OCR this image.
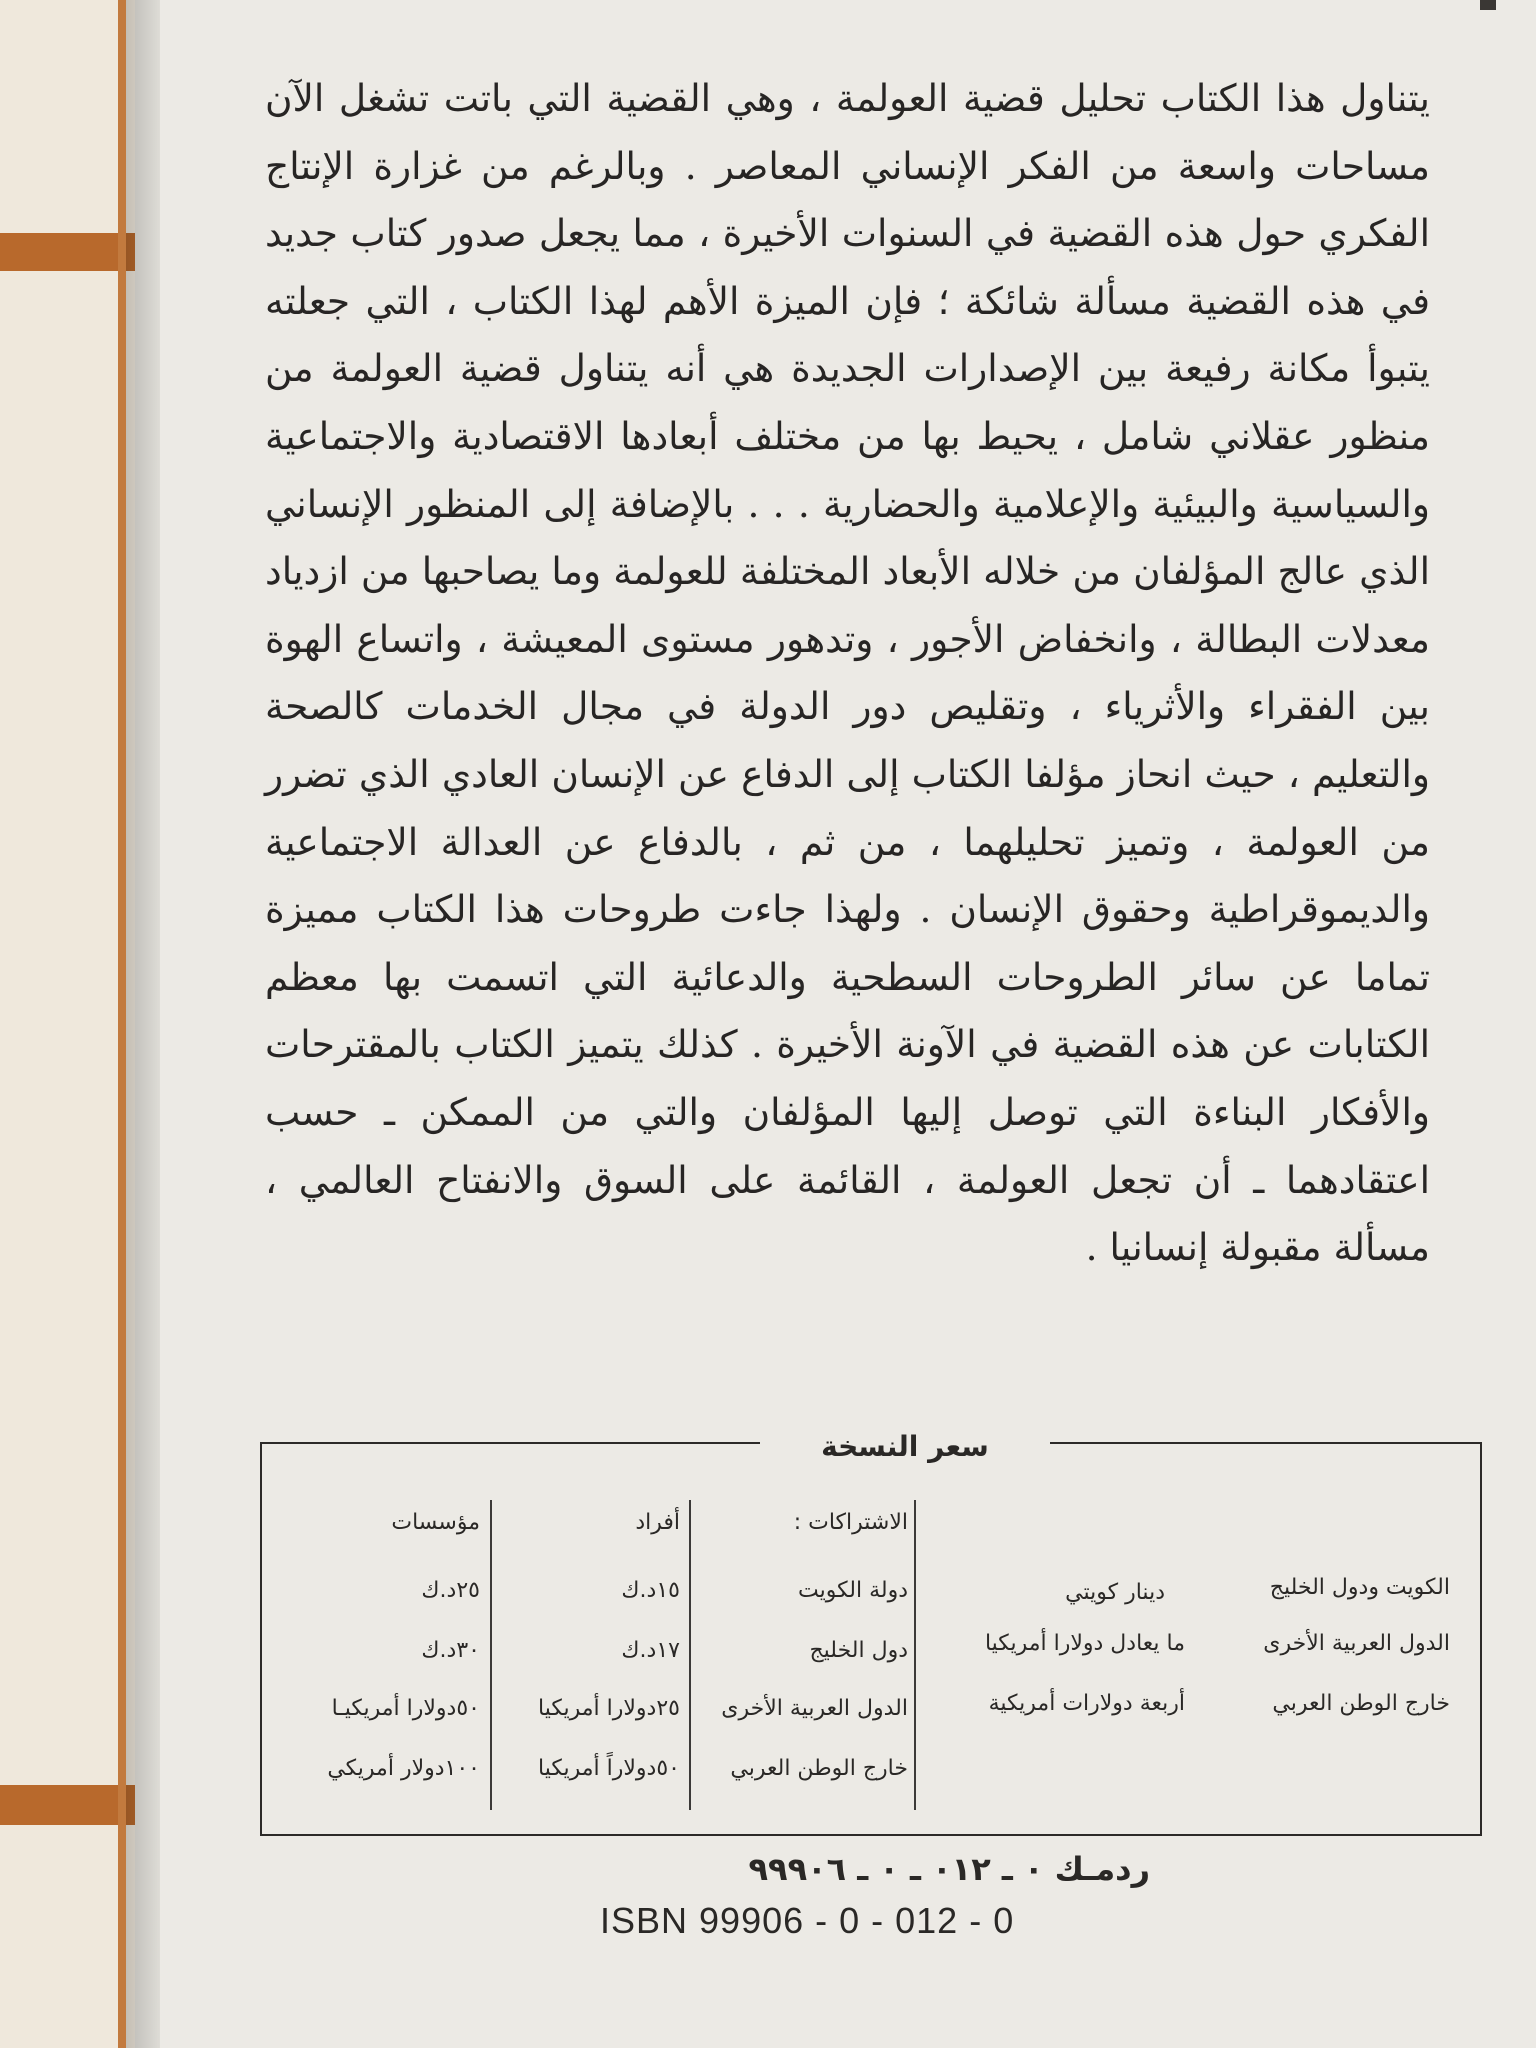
يتناول هذا الكتاب تحليل قضية العولمة ، وهي القضية التي باتت تشغل الآن مساحات واسعة من الفكر الإنساني المعاصر . وبالرغم من غزارة الإنتاج الفكري حول هذه القضية في السنوات الأخيرة ، مما يجعل صدور كتاب جديد في هذه القضية مسألة شائكة ؛ فإن الميزة الأهم لهذا الكتاب ، التي جعلته يتبوأ مكانة رفيعة بين الإصدارات الجديدة هي أنه يتناول قضية العولمة من منظور عقلاني شامل ، يحيط بها من مختلف أبعادها الاقتصادية والاجتماعية والسياسية والبيئية والإعلامية والحضارية . . . بالإضافة إلى المنظور الإنساني الذي عالج المؤلفان من خلاله الأبعاد المختلفة للعولمة وما يصاحبها من ازدياد معدلات البطالة ، وانخفاض الأجور ، وتدهور مستوى المعيشة ، واتساع الهوة بين الفقراء والأثرياء ، وتقليص دور الدولة في مجال الخدمات كالصحة والتعليم ، حيث انحاز مؤلفا الكتاب إلى الدفاع عن الإنسان العادي الذي تضرر من العولمة ، وتميز تحليلهما ، من ثم ، بالدفاع عن العدالة الاجتماعية والديموقراطية وحقوق الإنسان . ولهذا جاءت طروحات هذا الكتاب مميزة تماما عن سائر الطروحات السطحية والدعائية التي اتسمت بها معظم الكتابات عن هذه القضية في الآونة الأخيرة . كذلك يتميز الكتاب بالمقترحات والأفكار البناءة التي توصل إليها المؤلفان والتي من الممكن ـ حسب اعتقادهما ـ أن تجعل العولمة ، القائمة على السوق والانفتاح العالمي ، مسألة مقبولة إنسانيا .
سعر النسخة
الكويت ودول الخليج
الدول العربية الأخرى
خارج الوطن العربي
دينار كويتي
ما يعادل دولارا أمريكيا
أربعة دولارات أمريكية
الاشتراكات :
دولة الكويت
دول الخليج
الدول العربية الأخرى
خارج الوطن العربي
أفراد
١٥د.ك
١٧د.ك
٢٥دولارا أمريكيا
٥٠دولاراً أمريكيا
مؤسسات
٢٥د.ك
٣٠د.ك
٥٠دولارا أمريكيـا
١٠٠دولار أمريكي
ردمـك ٠ ـ ٠١٢ ـ ٠ ـ ٩٩٩٠٦
ISBN 99906 - 0 - 012 - 0
